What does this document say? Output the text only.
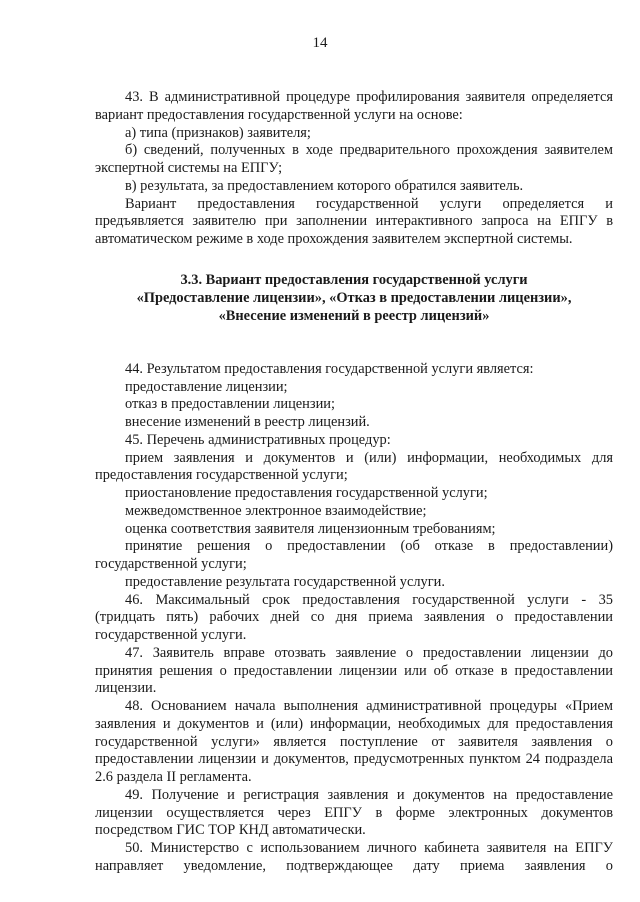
14

43. В административной процедуре профилирования заявителя определяется вариант предоставления государственной услуги на основе:

а) типа (признаков) заявителя;

б) сведений, полученных в ходе предварительного прохождения заявителем экспертной системы на ЕПГУ;

в) результата, за предоставлением которого обратился заявитель.

Вариант предоставления государственной услуги определяется и предъявляется заявителю при заполнении интерактивного запроса на ЕПГУ в автоматическом режиме в ходе прохождения заявителем экспертной системы.

3.3. Вариант предоставления государственной услуги
«Предоставление лицензии», «Отказ в предоставлении лицензии»,
«Внесение изменений в реестр лицензий»

44. Результатом предоставления государственной услуги является:

предоставление лицензии;

отказ в предоставлении лицензии;

внесение изменений в реестр лицензий.

45. Перечень административных процедур:

прием заявления и документов и (или) информации, необходимых для предоставления государственной услуги;

приостановление предоставления государственной услуги;

межведомственное электронное взаимодействие;

оценка соответствия заявителя лицензионным требованиям;

принятие решения о предоставлении (об отказе в предоставлении) государственной услуги;

предоставление результата государственной услуги.

46. Максимальный срок предоставления государственной услуги - 35 (тридцать пять) рабочих дней со дня приема заявления о предоставлении государственной услуги.

47. Заявитель вправе отозвать заявление о предоставлении лицензии до принятия решения о предоставлении лицензии или об отказе в предоставлении лицензии.

48. Основанием начала выполнения административной процедуры «Прием заявления и документов и (или) информации, необходимых для предоставления государственной услуги» является поступление от заявителя заявления о предоставлении лицензии и документов, предусмотренных пунктом 24 подраздела 2.6 раздела II регламента.

49. Получение и регистрация заявления и документов на предоставление лицензии осуществляется через ЕПГУ в форме электронных документов посредством ГИС ТОР КНД автоматически.

50. Министерство с использованием личного кабинета заявителя на ЕПГУ направляет уведомление, подтверждающее дату приема заявления о
